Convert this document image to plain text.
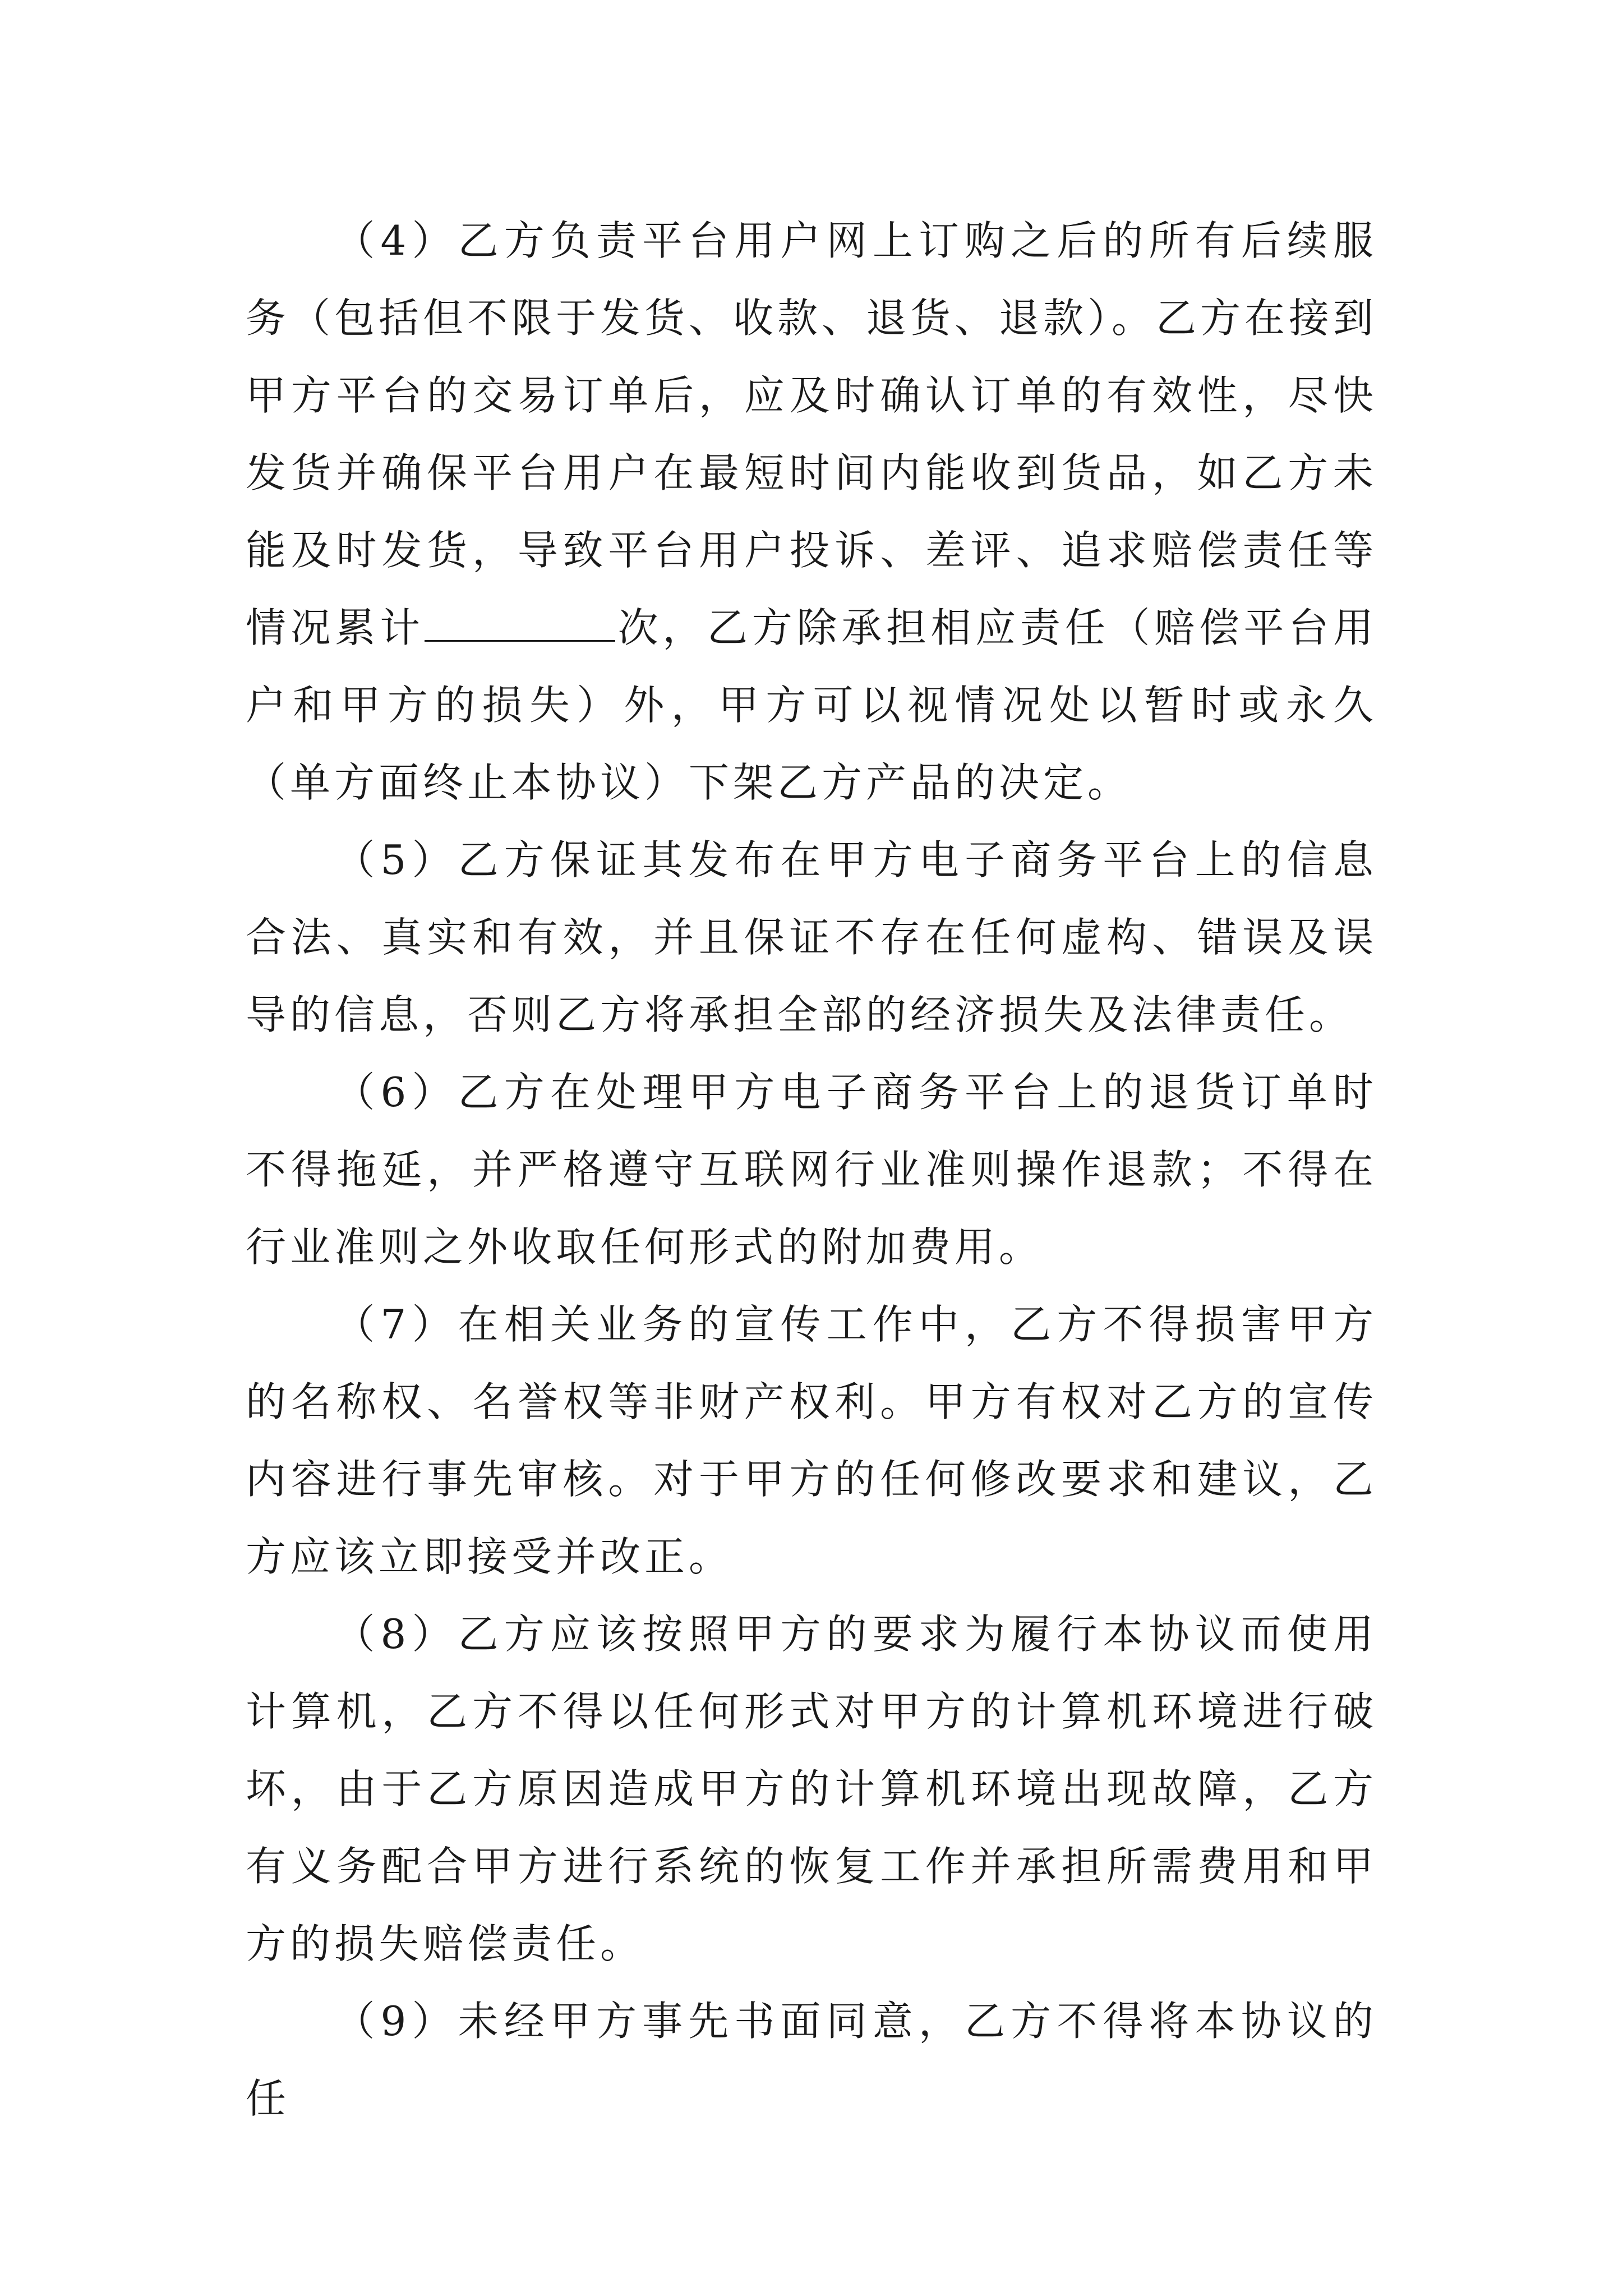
（4）乙方负责平台用户网上订购之后的所有后续服务（包括但不限于发货、收款、退货、退款）。乙方在接到甲方平台的交易订单后，应及时确认订单的有效性，尽快发货并确保平台用户在最短时间内能收到货品，如乙方未能及时发货，导致平台用户投诉、差评、追求赔偿责任等情况累计	次，乙方除承担相应责任（赔偿平台用户和甲方的损失）外，甲方可以视情况处以暂时或永久（单方面终止本协议）下架乙方产品的决定。

（5）乙方保证其发布在甲方电子商务平台上的信息合法、真实和有效，并且保证不存在任何虚构、错误及误导的信息，否则乙方将承担全部的经济损失及法律责任。

（6）乙方在处理甲方电子商务平台上的退货订单时不得拖延，并严格遵守互联网行业准则操作退款；不得在行业准则之外收取任何形式的附加费用。

（7）在相关业务的宣传工作中，乙方不得损害甲方的名称权、名誉权等非财产权利。甲方有权对乙方的宣传内容进行事先审核。对于甲方的任何修改要求和建议，乙方应该立即接受并改正。

（8）乙方应该按照甲方的要求为履行本协议而使用计算机，乙方不得以任何形式对甲方的计算机环境进行破坏，由于乙方原因造成甲方的计算机环境出现故障，乙方有义务配合甲方进行系统的恢复工作并承担所需费用和甲方的损失赔偿责任。

（9）未经甲方事先书面同意，乙方不得将本协议的任
